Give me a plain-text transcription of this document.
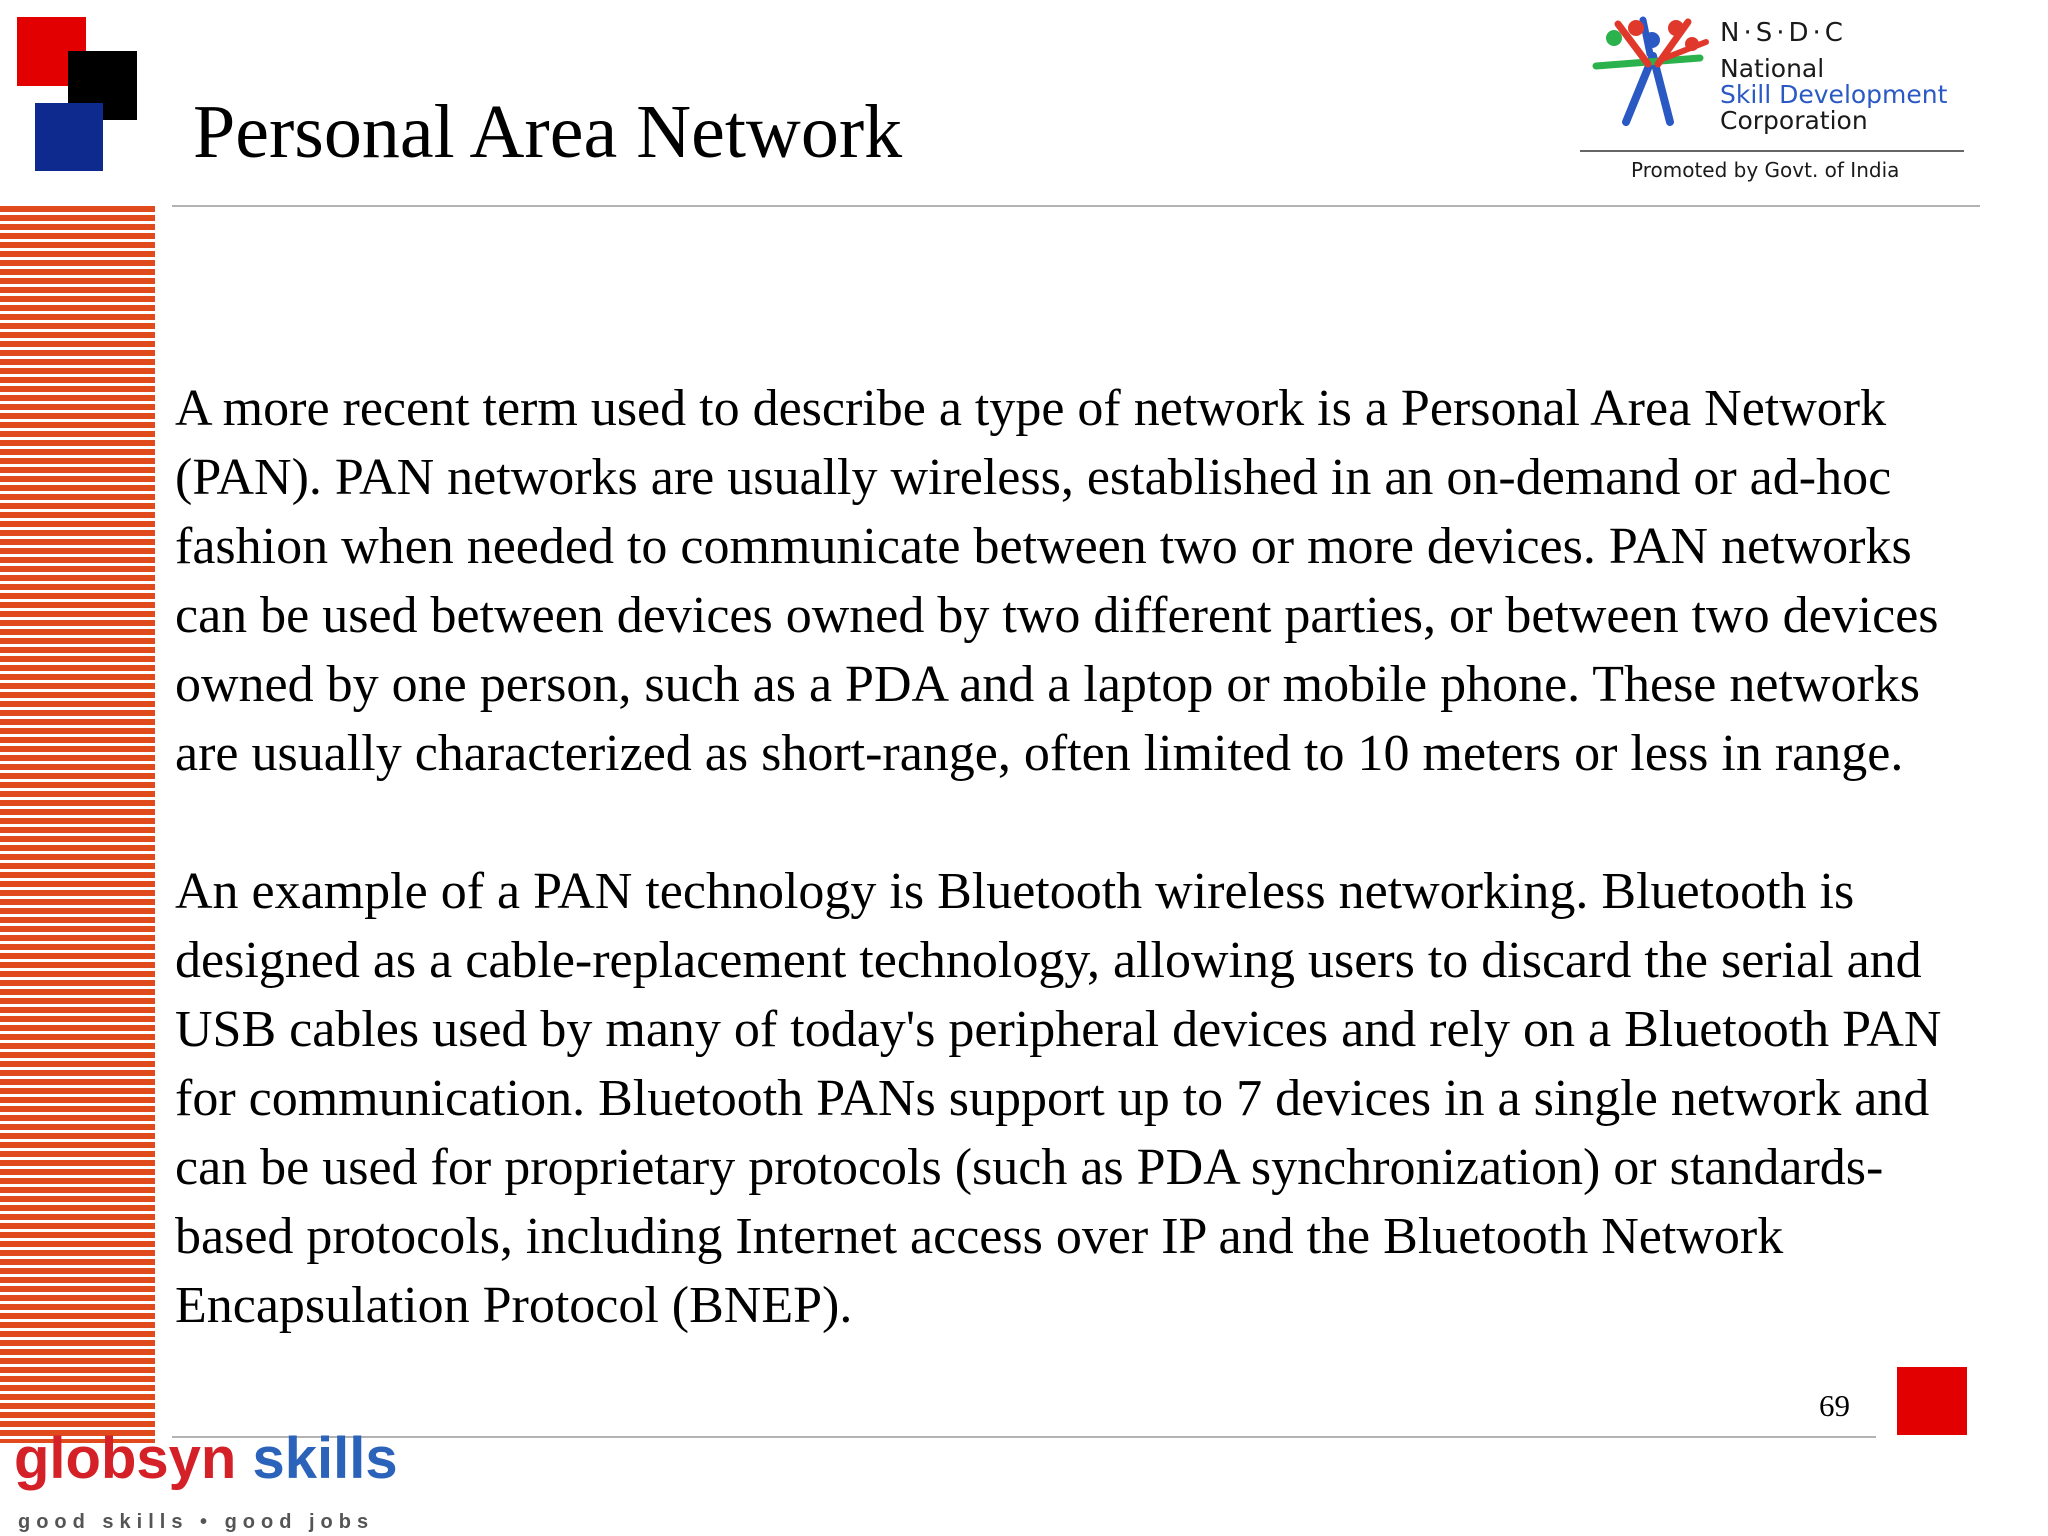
Personal Area Network

A more recent term used to describe a type of network is a Personal Area Network (PAN). PAN networks are usually wireless, established in an on-demand or ad-hoc fashion when needed to communicate between two or more devices. PAN networks can be used between devices owned by two different parties, or between two devices owned by one person, such as a PDA and a laptop or mobile phone. These networks are usually characterized as short-range, often limited to 10 meters or less in range.

An example of a PAN technology is Bluetooth wireless networking. Bluetooth is designed as a cable-replacement technology, allowing users to discard the serial and USB cables used by many of today's peripheral devices and rely on a Bluetooth PAN for communication. Bluetooth PANs support up to 7 devices in a single network and can be used for proprietary protocols (such as PDA synchronization) or standards-based protocols, including Internet access over IP and the Bluetooth Network Encapsulation Protocol (BNEP).

69
N·S·D·C
National
Skill Development
Corporation
Promoted by Govt. of India
globsyn skills
good skills • good jobs
